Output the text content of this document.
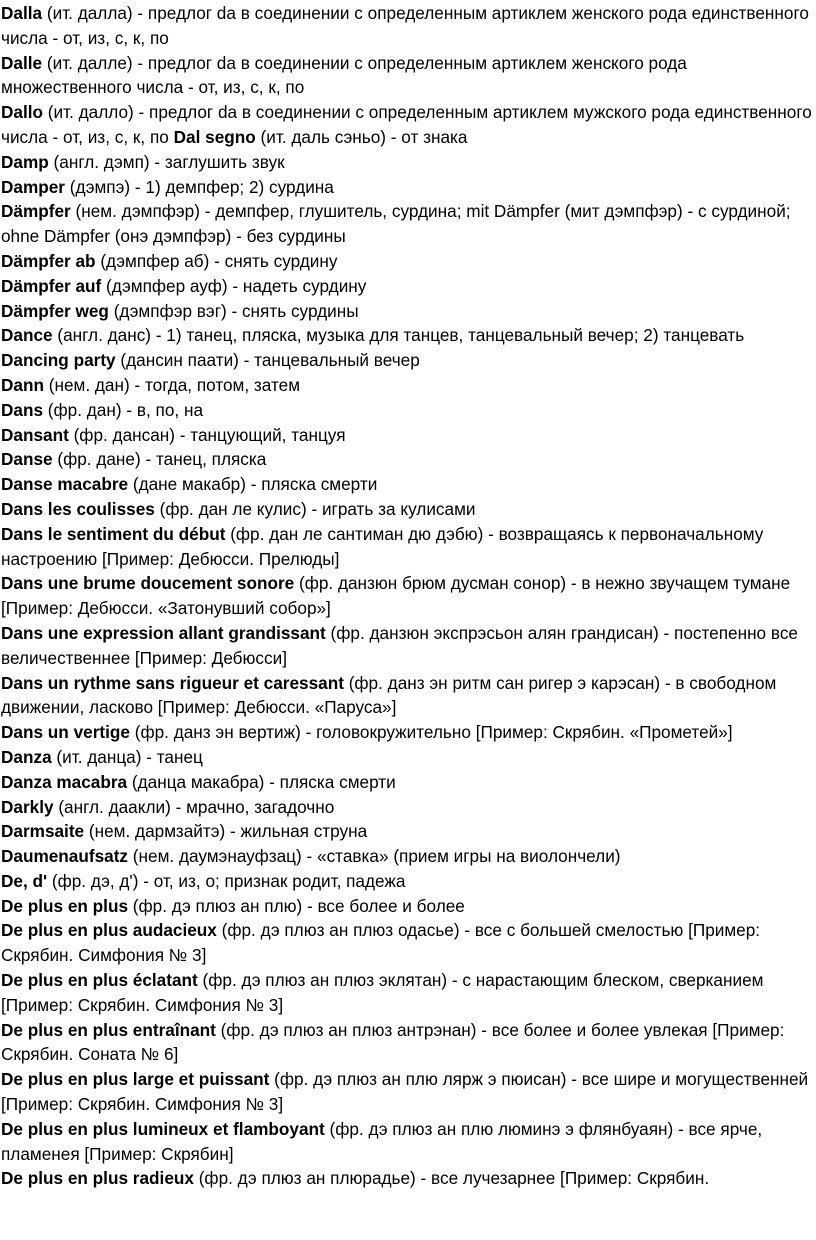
Dalla (ит. далла) - предлог da в соединении с определенным артиклем женского рода единственного числа - от, из, с, к, по
Dalle (ит. далле) - предлог da в соединении с определенным артиклем женского рода множественного числа - от, из, с, к, по
Dallo (ит. далло) - предлог da в соединении с определенным артиклем мужского рода единственного числа - от, из, с, к, по Dal segno (ит. даль сэньо) - от знака
Damp (англ. дэмп) - заглушить звук
Damper (дэмпэ) - 1) демпфер; 2) сурдина
Dämpfer (нем. дэмпфэр) - демпфер, глушитель, сурдина; mit Dämpfer (мит дэмпфэр) - с сурдиной; ohne Dämpfer (онэ дэмпфэр) - без сурдины
Dämpfer ab (дэмпфер аб) - снять сурдину
Dämpfer auf (дэмпфер ауф) - надеть сурдину
Dämpfer weg (дэмпфэр вэг) - снять сурдины
Dance (англ. данс) - 1) танец, пляска, музыка для танцев, танцевальный вечер; 2) танцевать
Dancing party (дансин паати) - танцевальный вечер
Dann (нем. дан) - тогда, потом, затем
Dans (фр. дан) - в, по, на
Dansant (фр. дансан) - танцующий, танцуя
Danse (фр. дане) - танец, пляска
Danse macabre (дане макабр) - пляска смерти
Dans les coulisses (фр. дан ле кулис) - играть за кулисами
Dans le sentiment du début (фр. дан ле сантиман дю дэбю) - возвращаясь к первоначальному настроению [Пример: Дебюсси. Прелюды]
Dans une brume doucement sonore (фр. данзюн брюм дусман сонор) - в нежно звучащем тумане [Пример: Дебюсси. «Затонувший собор»]
Dans une expression allant grandissant (фр. данзюн экспрэсьон алян грандисан) - постепенно все величественнее [Пример: Дебюсси]
Dans un rythme sans rigueur et caressant (фр. данз эн ритм сан ригер э карэсан) - в свободном движении, ласково [Пример: Дебюсси. «Паруса»]
Dans un vertige (фр. данз эн вертиж) - головокружительно [Пример: Скрябин. «Прометей»]
Danza (ит. данца) - танец
Danza macabra (данца макабра) - пляска смерти
Darkly (англ. даакли) - мрачно, загадочно
Darmsaite (нем. дармзайтэ) - жильная струна
Daumenaufsatz (нем. даумэнауфзац) - «ставка» (прием игры на виолончели)
De, d' (фр. дэ, д') - от, из, о; признак родит, падежа
De plus en plus (фр. дэ плюз ан плю) - все более и более
De plus en plus audacieux (фр. дэ плюз ан плюз одасье) - все с большей смелостью [Пример: Скрябин. Симфония № 3]
De plus en plus éclatant (фр. дэ плюз ан плюз эклятан) - с нарастающим блеском, сверканием [Пример: Скрябин. Симфония № 3]
De plus en plus entraînant (фр. дэ плюз ан плюз антрэнан) - все более и более увлекая [Пример: Скрябин. Соната № 6]
De plus en plus large et puissant (фр. дэ плюз ан плю лярж э пюисан) - все шире и могущественней [Пример: Скрябин. Симфония № 3]
De plus en plus lumineux et flamboyant (фр. дэ плюз ан плю люминэ э флянбуаян) - все ярче, пламенея [Пример: Скрябин]
De plus en plus radieux (фр. дэ плюз ан плюрадье) - все лучезарнее [Пример: Скрябин.
